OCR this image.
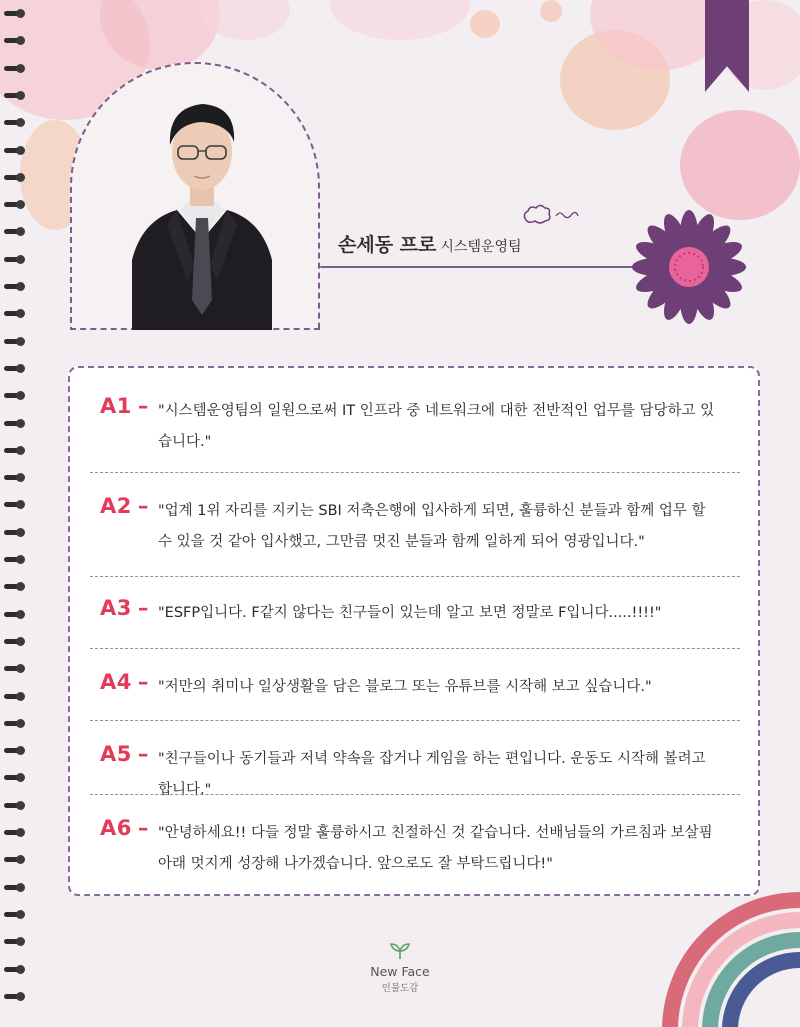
손세동 프로 시스템운영팀
A1 – "시스템운영팀의 일원으로써 IT 인프라 중 네트워크에 대한 전반적인 업무를 담당하고 있습니다."
A2 – "업계 1위 자리를 지키는 SBI 저축은행에 입사하게 되면, 훌륭하신 분들과 함께 업무 할 수 있을 것 같아 입사했고, 그만큼 멋진 분들과 함께 일하게 되어 영광입니다."
A3 – "ESFP입니다. F같지 않다는 친구들이 있는데 알고 보면 정말로 F입니다.....!!!!"
A4 – "저만의 취미나 일상생활을 담은 블로그 또는 유튜브를 시작해 보고 싶습니다."
A5 – "친구들이나 동기들과 저녁 약속을 잡거나 게임을 하는 편입니다. 운동도 시작해 볼려고 합니다."
A6 – "안녕하세요!! 다들 정말 훌륭하시고 친절하신 것 같습니다. 선배님들의 가르침과 보살핌 아래 멋지게 성장해 나가겠습니다. 앞으로도 잘 부탁드립니다!"
New Face
인물도감
